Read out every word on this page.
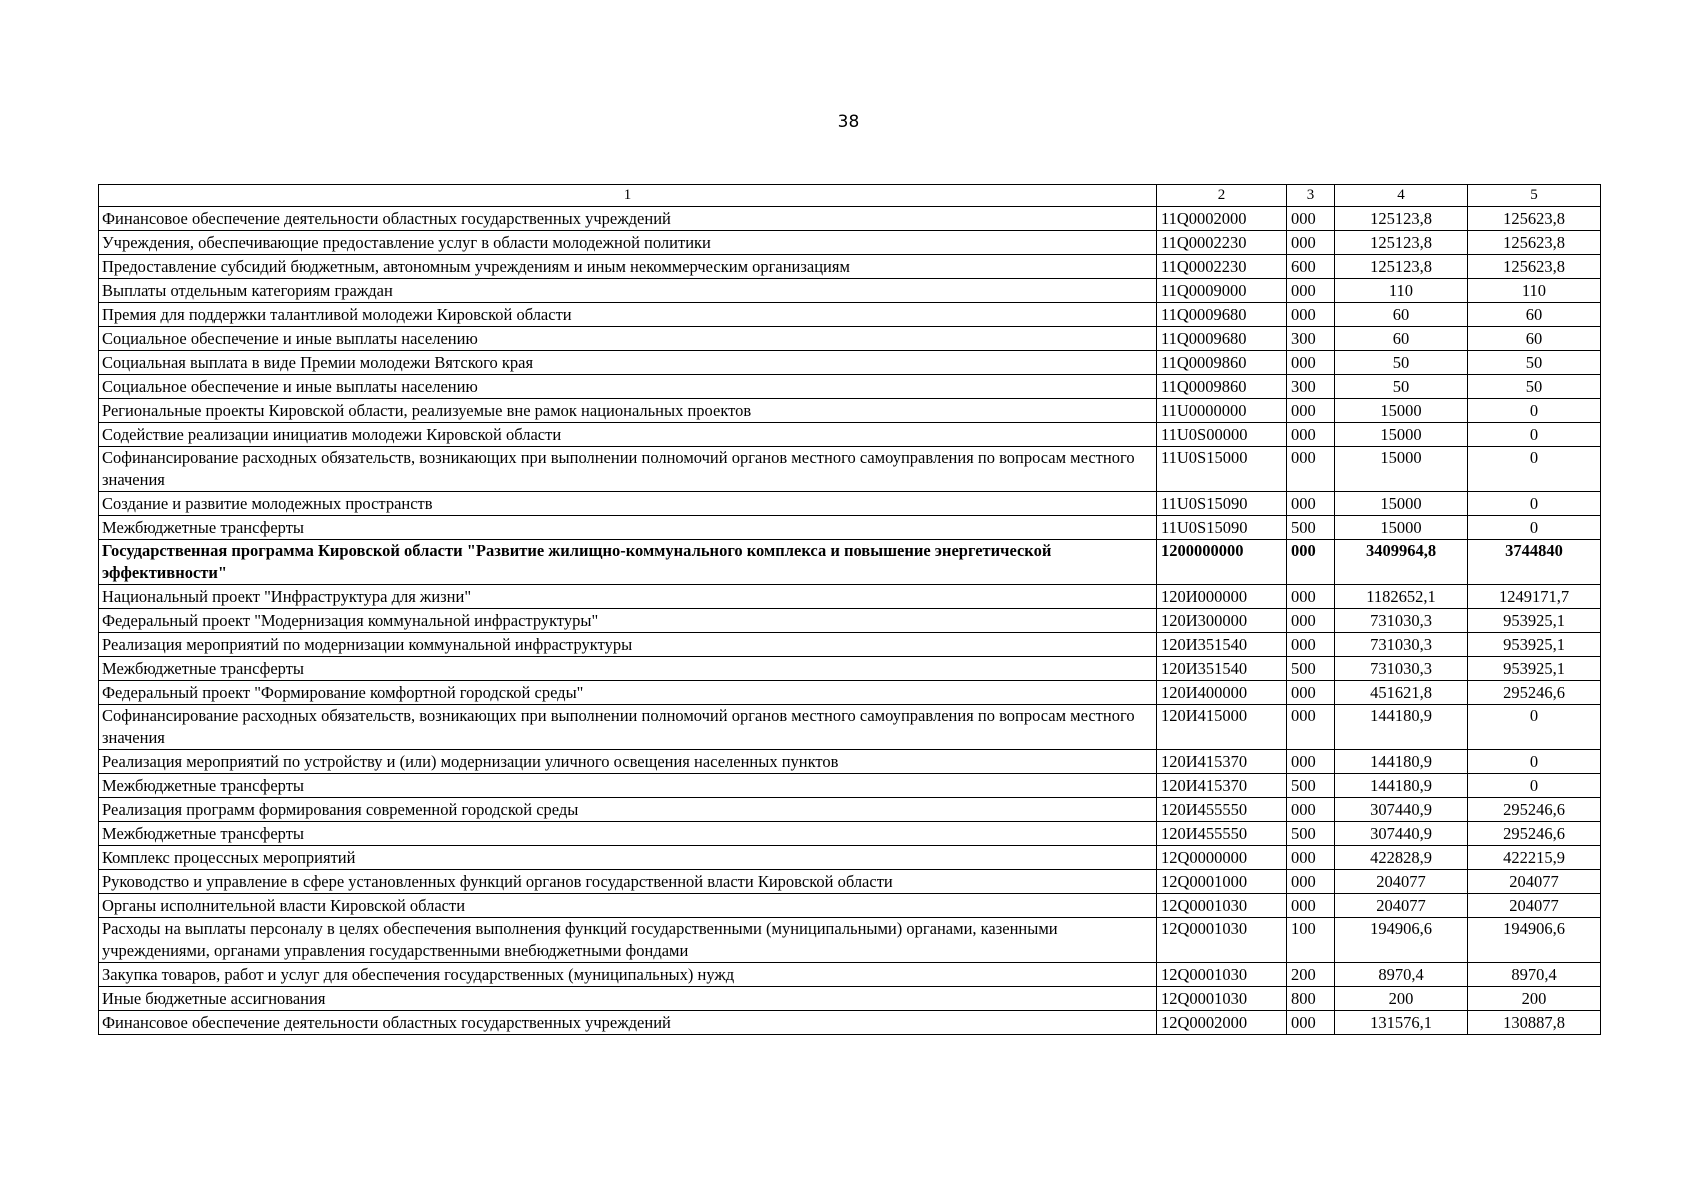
38
1	2	3	4	5
Финансовое обеспечение деятельности областных государственных учреждений	11Q0002000	000	125123,8	125623,8
Учреждения, обеспечивающие предоставление услуг в области молодежной политики	11Q0002230	000	125123,8	125623,8
Предоставление субсидий бюджетным, автономным учреждениям и иным некоммерческим организациям	11Q0002230	600	125123,8	125623,8
Выплаты отдельным категориям граждан	11Q0009000	000	110	110
Премия для поддержки талантливой молодежи Кировской области	11Q0009680	000	60	60
Социальное обеспечение и иные выплаты населению	11Q0009680	300	60	60
Социальная выплата в виде Премии молодежи Вятского края	11Q0009860	000	50	50
Социальное обеспечение и иные выплаты населению	11Q0009860	300	50	50
Региональные проекты Кировской области, реализуемые вне рамок национальных проектов	11U0000000	000	15000	0
Содействие реализации инициатив молодежи Кировской области	11U0S00000	000	15000	0
Софинансирование расходных обязательств, возникающих при выполнении полномочий органов местного самоуправления по вопросам местного значения	11U0S15000	000	15000	0
Создание и развитие молодежных пространств	11U0S15090	000	15000	0
Межбюджетные трансферты	11U0S15090	500	15000	0
Государственная программа Кировской области "Развитие жилищно-коммунального комплекса и повышение энергетической эффективности"	1200000000	000	3409964,8	3744840
Национальный проект "Инфраструктура для жизни"	120И000000	000	1182652,1	1249171,7
Федеральный проект "Модернизация коммунальной инфраструктуры"	120И300000	000	731030,3	953925,1
Реализация мероприятий по модернизации коммунальной инфраструктуры	120И351540	000	731030,3	953925,1
Межбюджетные трансферты	120И351540	500	731030,3	953925,1
Федеральный проект "Формирование комфортной городской среды"	120И400000	000	451621,8	295246,6
Софинансирование расходных обязательств, возникающих при выполнении полномочий органов местного самоуправления по вопросам местного значения	120И415000	000	144180,9	0
Реализация мероприятий по устройству и (или) модернизации уличного освещения населенных пунктов	120И415370	000	144180,9	0
Межбюджетные трансферты	120И415370	500	144180,9	0
Реализация программ формирования современной городской среды	120И455550	000	307440,9	295246,6
Межбюджетные трансферты	120И455550	500	307440,9	295246,6
Комплекс процессных мероприятий	12Q0000000	000	422828,9	422215,9
Руководство и управление в сфере установленных функций органов государственной власти Кировской области	12Q0001000	000	204077	204077
Органы исполнительной власти Кировской области	12Q0001030	000	204077	204077
Расходы на выплаты персоналу в целях обеспечения выполнения функций государственными (муниципальными) органами, казенными учреждениями, органами управления государственными внебюджетными фондами	12Q0001030	100	194906,6	194906,6
Закупка товаров, работ и услуг для обеспечения государственных (муниципальных) нужд	12Q0001030	200	8970,4	8970,4
Иные бюджетные ассигнования	12Q0001030	800	200	200
Финансовое обеспечение деятельности областных государственных учреждений	12Q0002000	000	131576,1	130887,8
